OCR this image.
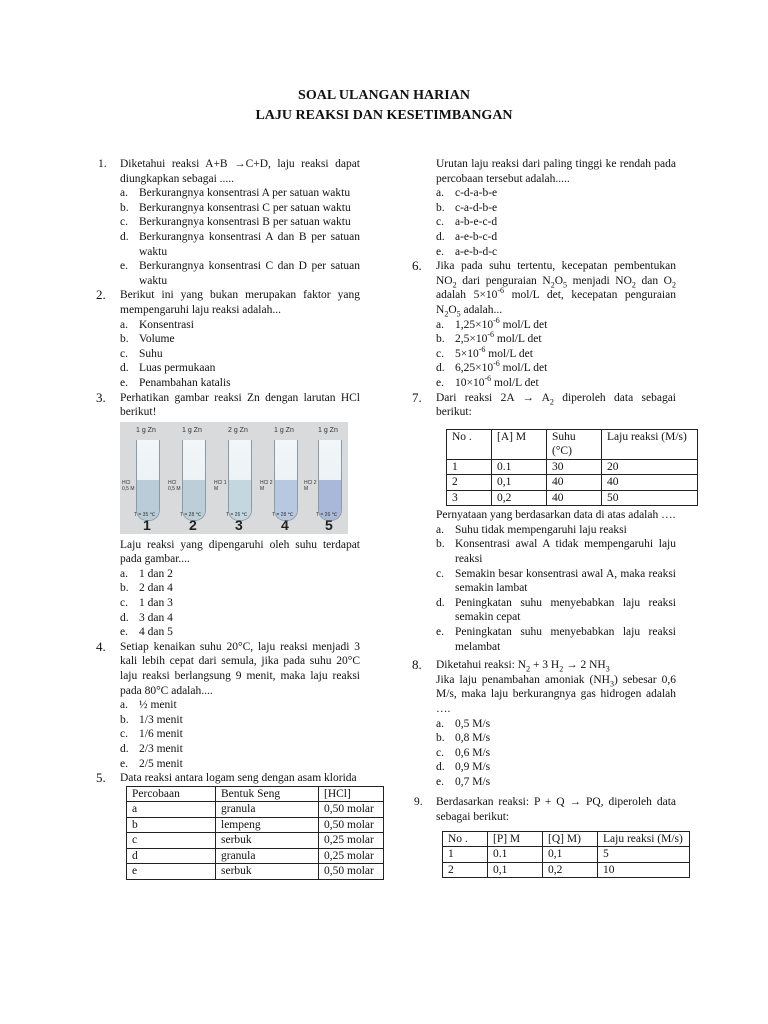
SOAL ULANGAN HARIAN
LAJU REAKSI DAN KESETIMBANGAN
1. Diketahui reaksi A+B →C+D, laju reaksi dapat diungkapkan sebagai .....
a. Berkurangnya konsentrasi A per satuan waktu
b. Berkurangnya konsentrasi C per satuan waktu
c. Berkurangnya konsentrasi B per satuan waktu
d. Berkurangnya konsentrasi A dan B per satuan waktu
e. Berkurangnya konsentrasi C dan D per satuan waktu
2. Berikut ini yang bukan merupakan faktor yang mempengaruhi laju reaksi adalah...
a. Konsentrasi
b. Volume
c. Suhu
d. Luas permukaan
e. Penambahan katalis
3. Perhatikan gambar reaksi Zn dengan larutan HCl berikut!
1 g Zn
HCl 0,5 M
T = 35 ℃
1
1 g Zn
HCl 0,5 M
T = 28 ℃
2
2 g Zn
HCl 1 M
T = 26 ℃
3
1 g Zn
HCl 2 M
T = 28 ℃
4
1 g Zn
HCl 2 M
T = 26 ℃
5
Laju reaksi yang dipengaruhi oleh suhu terdapat pada gambar....
a. 1 dan 2
b. 2 dan 4
c. 1 dan 3
d. 3 dan 4
e. 4 dan 5
4. Setiap kenaikan suhu 20°C, laju reaksi menjadi 3 kali lebih cepat dari semula, jika pada suhu 20°C laju reaksi berlangsung 9 menit, maka laju reaksi pada 80°C adalah....
a. ½ menit
b. 1/3 menit
c. 1/6 menit
d. 2/3 menit
e. 2/5 menit
5. Data reaksi antara logam seng dengan asam klorida
Percobaan	Bentuk Seng	[HCl]
a	granula	0,50 molar
b	lempeng	0,50 molar
c	serbuk	0,25 molar
d	granula	0,25 molar
e	serbuk	0,50 molar
Urutan laju reaksi dari paling tinggi ke rendah pada percobaan tersebut adalah.....
a. c-d-a-b-e
b. c-a-d-b-e
c. a-b-e-c-d
d. a-e-b-c-d
e. a-e-b-d-c
6. Jika pada suhu tertentu, kecepatan pembentukan $NO_2$ dari penguraian $N_2O_5$ menjadi $NO_2$ dan $O_2$ adalah $5\times 10^{-6}$ mol/L det, kecepatan penguraian $N_2O_5$ adalah...
a. $1,25\times 10^{-6}$ mol/L det
b. $2,5\times 10^{-6}$ mol/L det
c. $5\times 10^{-6}$ mol/L det
d. $6,25\times 10^{-6}$ mol/L det
e. $10\times 10^{-6}$ mol/L det
7. Dari reaksi $2A \to A_2$ diperoleh data sebagai berikut:
No .	[A] M	Suhu (°C)	Laju reaksi (M/s)
1	0.1	30	20
2	0,1	40	40
3	0,2	40	50
Pernyataan yang berdasarkan data di atas adalah ….
a. Suhu tidak mempengaruhi laju reaksi
b. Konsentrasi awal A tidak mempengaruhi laju reaksi
c. Semakin besar konsentrasi awal A, maka reaksi semakin lambat
d. Peningkatan suhu menyebabkan laju reaksi semakin cepat
e. Peningkatan suhu menyebabkan laju reaksi melambat
8. Diketahui reaksi: $N_2 + 3$ $H_2 \to 2$ $NH_3$
Jika laju penambahan amoniak $(NH_3)$ sebesar 0,6 M/s, maka laju berkurangnya gas hidrogen adalah ….
a. 0,5 M/s
b. 0,8 M/s
c. 0,6 M/s
d. 0,9 M/s
e. 0,7 M/s
9. Berdasarkan reaksi: P + Q → PQ, diperoleh data sebagai berikut:
No .	[P] M	[Q] M)	Laju reaksi (M/s)
1	0.1	0,1	5
2	0,1	0,2	10
